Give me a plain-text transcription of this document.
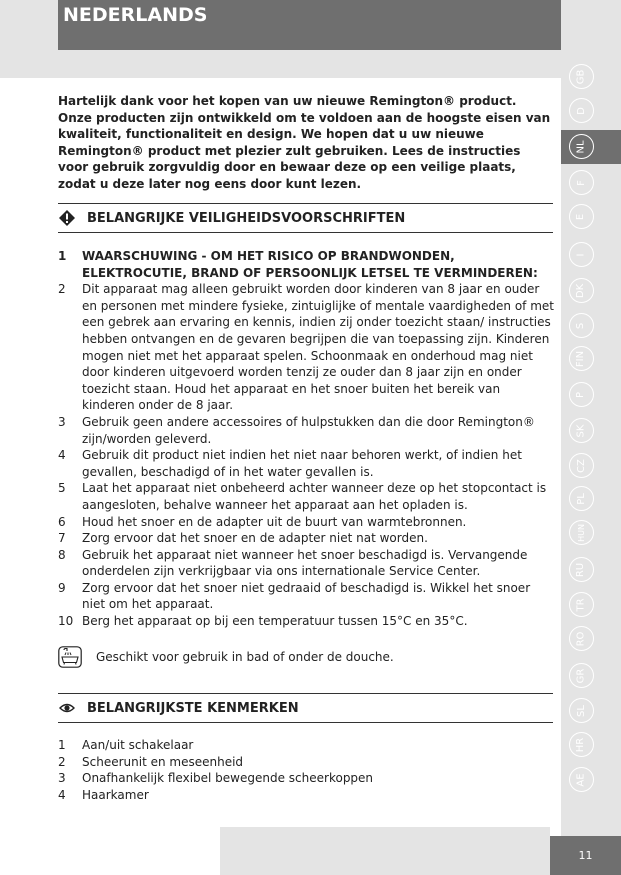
NEDERLANDS
GB
D
NL
F
E
I
DK
S
FIN
P
SK
CZ
PL
HUN
RU
TR
RO
GR
SL
HR
AE

Hartelijk dank voor het kopen van uw nieuwe Remington® product. Onze producten zijn ontwikkeld om te voldoen aan de hoogste eisen van kwaliteit, functionaliteit en design. We hopen dat u uw nieuwe Remington® product met plezier zult gebruiken. Lees de instructies voor gebruik zorgvuldig door en bewaar deze op een veilige plaats, zodat u deze later nog eens door kunt lezen.

BELANGRIJKE VEILIGHEIDSVOORSCHRIFTEN
1	WAARSCHUWING - OM HET RISICO OP BRANDWONDEN, ELEKTROCUTIE, BRAND OF PERSOONLIJK LETSEL TE VERMINDEREN:
2	Dit apparaat mag alleen gebruikt worden door kinderen van 8 jaar en ouder en personen met mindere fysieke, zintuiglijke of mentale vaardigheden of met een gebrek aan ervaring en kennis, indien zij onder toezicht staan/ instructies hebben ontvangen en de gevaren begrijpen die van toepassing zijn. Kinderen mogen niet met het apparaat spelen. Schoonmaak en onderhoud mag niet door kinderen uitgevoerd worden tenzij ze ouder dan 8 jaar zijn en onder toezicht staan. Houd het apparaat en het snoer buiten het bereik van kinderen onder de 8 jaar.
3	Gebruik geen andere accessoires of hulpstukken dan die door Remington® zijn/worden geleverd.
4	Gebruik dit product niet indien het niet naar behoren werkt, of indien het gevallen, beschadigd of in het water gevallen is.
5	Laat het apparaat niet onbeheerd achter wanneer deze op het stopcontact is aangesloten, behalve wanneer het apparaat aan het opladen is.
6	Houd het snoer en de adapter uit de buurt van warmtebronnen.
7	Zorg ervoor dat het snoer en de adapter niet nat worden.
8	Gebruik het apparaat niet wanneer het snoer beschadigd is. Vervangende onderdelen zijn verkrijgbaar via ons internationale Service Center.
9	Zorg ervoor dat het snoer niet gedraaid of beschadigd is. Wikkel het snoer niet om het apparaat.
10 Berg het apparaat op bij een temperatuur tussen 15°C en 35°C.
Geschikt voor gebruik in bad of onder de douche.
BELANGRIJKSTE KENMERKEN
1	Aan/uit schakelaar
2	Scheerunit en meseenheid
3	Onafhankelijk flexibel bewegende scheerkoppen
4	Haarkamer
11
